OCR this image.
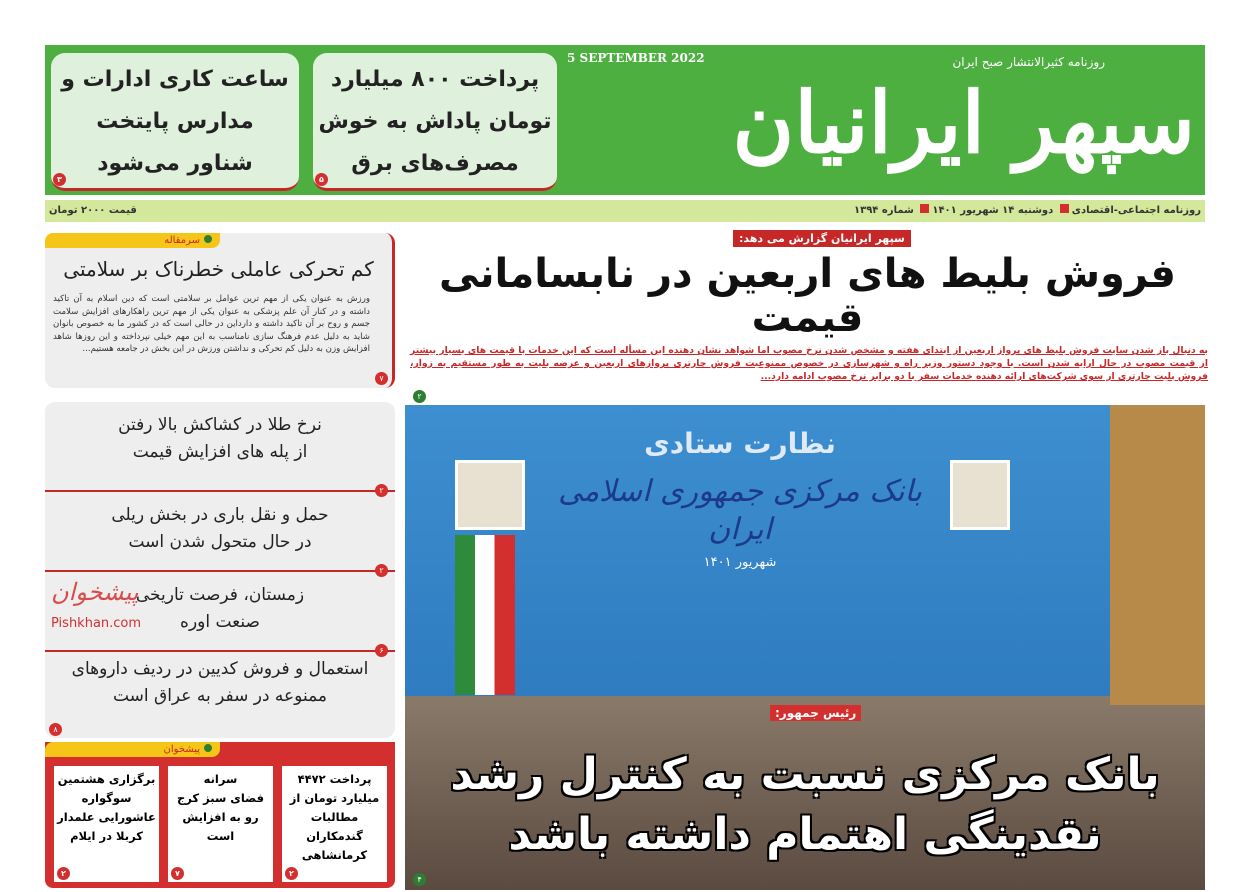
سپهر ایرانیان
روزنامه کثیرالانتشار صبح ایران
5 SEPTEMBER 2022
پرداخت ۸۰۰ میلیارد
تومان پاداش به خوش
مصرف‌های برق
۵
ساعت کاری ادارات و
مدارس پایتخت
شناور می‌شود
۳
روزنامه اجتماعی-اقتصادی دوشنبه ۱۴ شهریور ۱۴۰۱ شماره ۱۳۹۴
قیمت ۲۰۰۰ تومان
سپهر ایرانیان گزارش می دهد:
فروش بلیط های اربعین در نابسامانی قیمت
به دنبال باز شدن سایت فروش بلیط های پرواز اربعین از ابتدای هفته و مشخص شدن نرخ مصوب اما شواهد نشان دهنده این مسأله است که این خدمات با قیمت های بسیار بیشتر از قیمت مصوب در حال ارایه شدن است. با وجود دستور وزیر راه و شهرسازی در خصوص ممنوعیت فروش چارتری پروازهای اربعین و عرضه بلیت به طور مستقیم به زوار، فروش بلیت چارتری از سوی شرکت‌های ارائه دهنده خدمات سفر با دو برابر نرخ مصوب ادامه دارد...
۲
نظارت ستادی
بانک مرکزی جمهوری اسلامی ایران
شهریور ۱۴۰۱
رئیس جمهور:
بانک مرکزی نسبت به کنترل رشد
نقدینگی اهتمام داشته باشد
۴
سرمقاله
کم تحرکی عاملی خطرناک بر سلامتی
ورزش به عنوان یکی از مهم ترین عوامل بر سلامتی است که دین اسلام به آن تاکید داشته و در کنار آن علم پزشکی به عنوان یکی از مهم ترین راهکارهای افزایش سلامت جسم و روح بر آن تاکید داشته و دارداین در حالی است که در کشور ما به خصوص بانوان شاید به دلیل عدم فرهنگ سازی نامناسب به این مهم خیلی نپرداخته و این روزها شاهد افزایش وزن به دلیل کم تحرکی و نداشتن ورزش در این بخش در جامعه هستیم...
۷
نرخ طلا در کشاکش بالا رفتن
از پله های افزایش قیمت
۲
حمل و نقل باری در بخش ریلی
در حال متحول شدن است
۲
زمستان، فرصت تاریخی
صنعت اوره
۶
پیشخوان
Pishkhan.com
استعمال و فروش کدیین در ردیف داروهای
ممنوعه در سفر به عراق است
۸
پیشخوان
پرداخت ۴۴۷۲
میلیارد تومان از
مطالبات گندمکاران
کرمانشاهی
۲
سرانه
فضای سبز کرج
رو به افزایش
است
۷
برگزاری هشتمین
سوگواره
عاشورایی علمدار
کربلا در ایلام
۲
